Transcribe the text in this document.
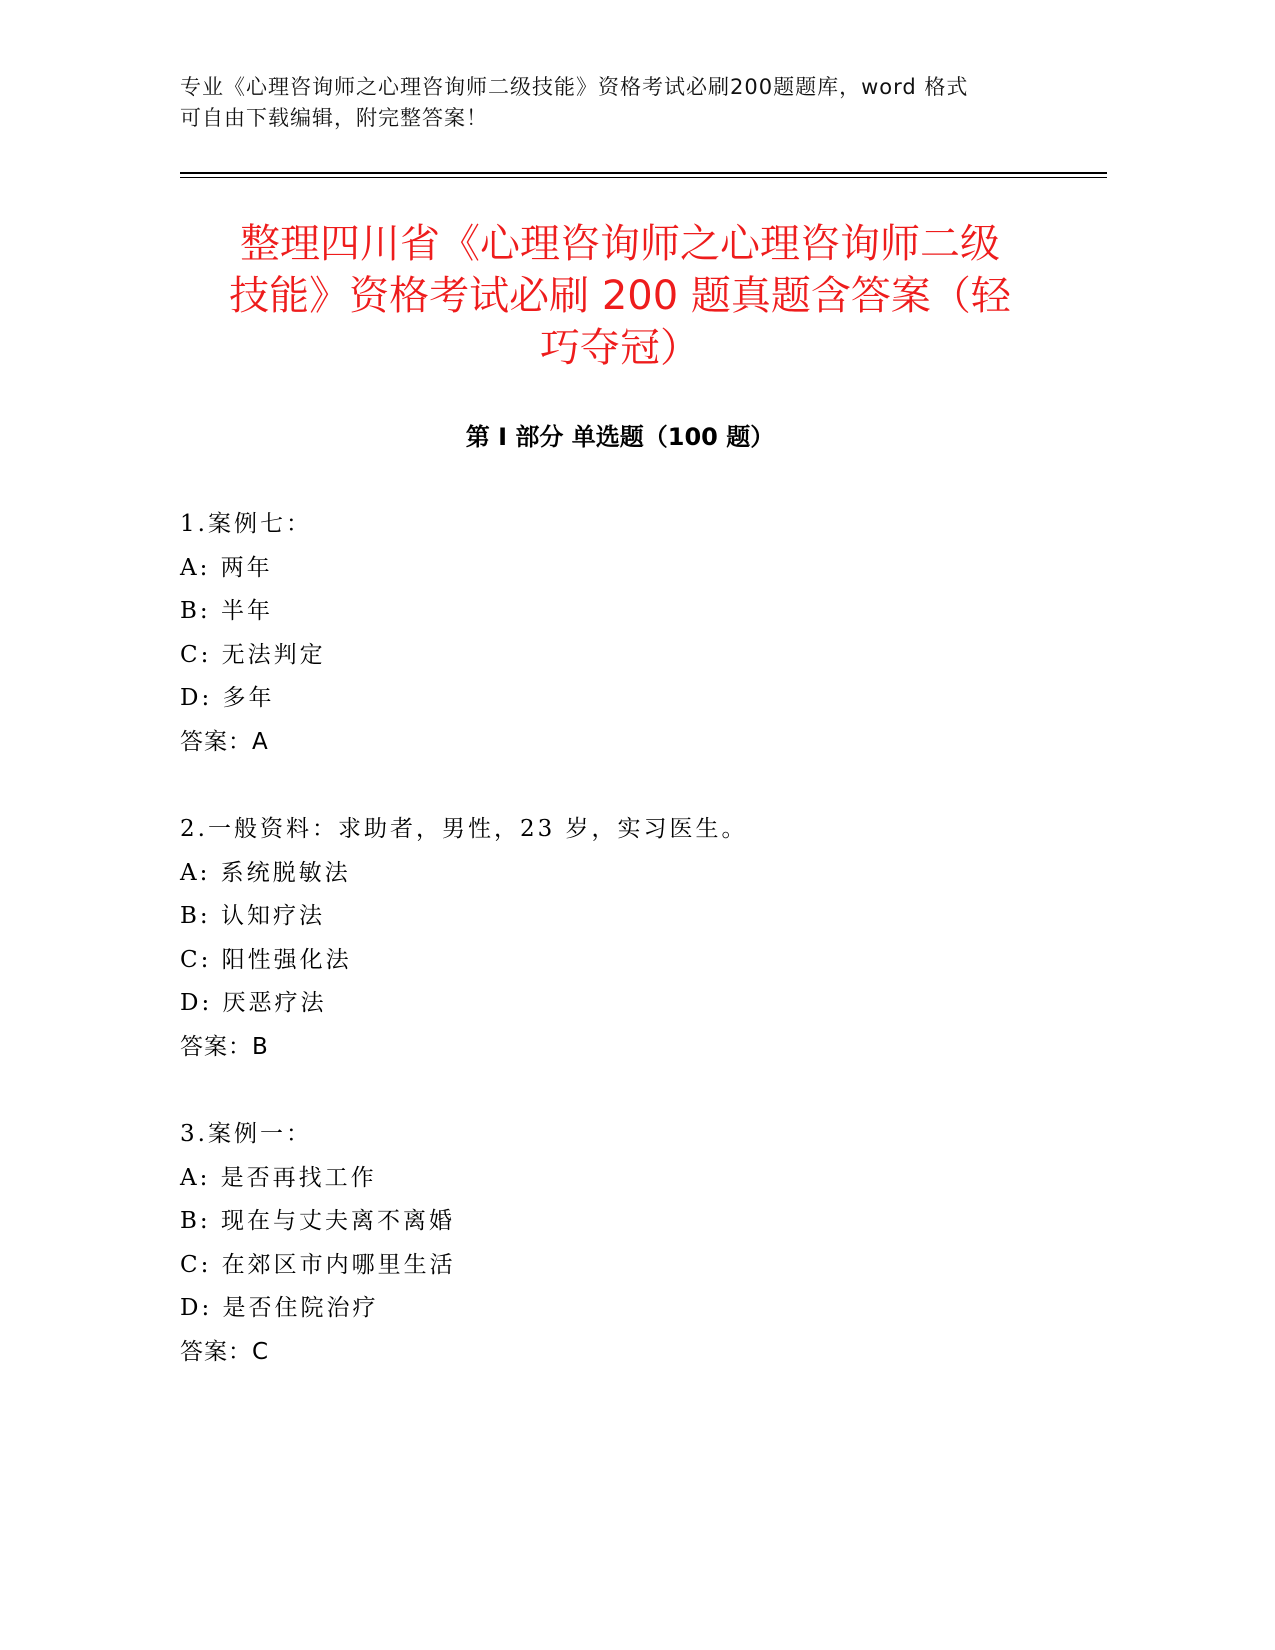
专业《心理咨询师之心理咨询师二级技能》资格考试必刷200题题库，word 格式
可自由下载编辑，附完整答案！
整理四川省《心理咨询师之心理咨询师二级
技能》资格考试必刷 200 题真题含答案（轻
巧夺冠）
第 I 部分 单选题（100 题）
1.案例七：
A: 两年
B: 半年
C: 无法判定
D: 多年
答案：A
2.一般资料：求助者，男性，23 岁，实习医生。
A: 系统脱敏法
B: 认知疗法
C: 阳性强化法
D: 厌恶疗法
答案：B
3.案例一：
A: 是否再找工作
B: 现在与丈夫离不离婚
C: 在郊区市内哪里生活
D: 是否住院治疗
答案：C
